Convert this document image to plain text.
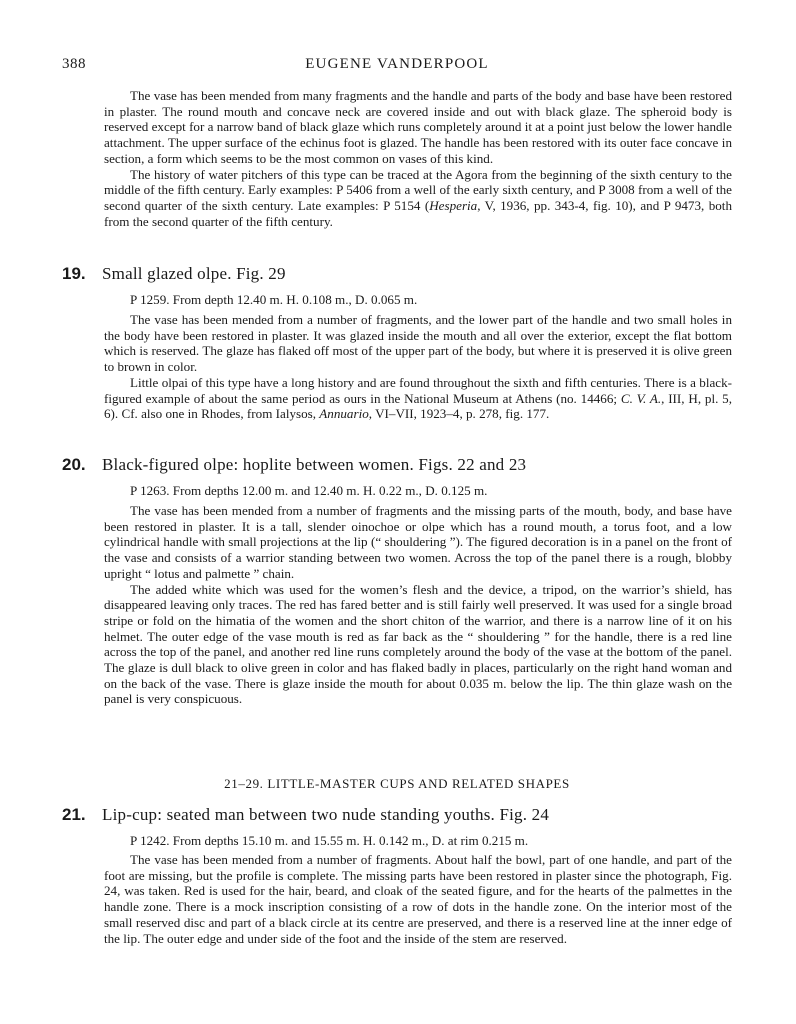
388	EUGENE VANDERPOOL

The vase has been mended from many fragments and the handle and parts of the body and base have been restored in plaster. The round mouth and concave neck are covered inside and out with black glaze. The spheroid body is reserved except for a narrow band of black glaze which runs completely around it at a point just below the lower handle attachment. The upper surface of the echinus foot is glazed. The handle has been restored with its outer face concave in section, a form which seems to be the most common on vases of this kind.

The history of water pitchers of this type can be traced at the Agora from the beginning of the sixth century to the middle of the fifth century. Early examples: P 5406 from a well of the early sixth century, and P 3008 from a well of the second quarter of the sixth century. Late examples: P 5154 (Hesperia, V, 1936, pp. 343-4, fig. 10), and P 9473, both from the second quarter of the fifth century.

19. Small glazed olpe. Fig. 29
P 1259. From depth 12.40 m. H. 0.108 m., D. 0.065 m.

The vase has been mended from a number of fragments, and the lower part of the handle and two small holes in the body have been restored in plaster. It was glazed inside the mouth and all over the exterior, except the flat bottom which is reserved. The glaze has flaked off most of the upper part of the body, but where it is preserved it is olive green to brown in color.

Little olpai of this type have a long history and are found throughout the sixth and fifth centuries. There is a black-figured example of about the same period as ours in the National Museum at Athens (no. 14466; C. V. A., III, H, pl. 5, 6). Cf. also one in Rhodes, from Ialysos, Annuario, VI–VII, 1923–4, p. 278, fig. 177.

20. Black-figured olpe: hoplite between women. Figs. 22 and 23
P 1263. From depths 12.00 m. and 12.40 m. H. 0.22 m., D. 0.125 m.

The vase has been mended from a number of fragments and the missing parts of the mouth, body, and base have been restored in plaster. It is a tall, slender oinochoe or olpe which has a round mouth, a torus foot, and a low cylindrical handle with small projections at the lip (“ shouldering ”). The figured decoration is in a panel on the front of the vase and consists of a warrior standing between two women. Across the top of the panel there is a rough, blobby upright “ lotus and palmette ” chain.

The added white which was used for the women’s flesh and the device, a tripod, on the warrior’s shield, has disappeared leaving only traces. The red has fared better and is still fairly well preserved. It was used for a single broad stripe or fold on the himatia of the women and the short chiton of the warrior, and there is a narrow line of it on his helmet. The outer edge of the vase mouth is red as far back as the “ shouldering ” for the handle, there is a red line across the top of the panel, and another red line runs completely around the body of the vase at the bottom of the panel. The glaze is dull black to olive green in color and has flaked badly in places, particularly on the right hand woman and on the back of the vase. There is glaze inside the mouth for about 0.035 m. below the lip. The thin glaze wash on the panel is very conspicuous.

21–29. LITTLE-MASTER CUPS AND RELATED SHAPES
21. Lip-cup: seated man between two nude standing youths. Fig. 24
P 1242. From depths 15.10 m. and 15.55 m. H. 0.142 m., D. at rim 0.215 m.

The vase has been mended from a number of fragments. About half the bowl, part of one handle, and part of the foot are missing, but the profile is complete. The missing parts have been restored in plaster since the photograph, Fig. 24, was taken. Red is used for the hair, beard, and cloak of the seated figure, and for the hearts of the palmettes in the handle zone. There is a mock inscription consisting of a row of dots in the handle zone. On the interior most of the small reserved disc and part of a black circle at its centre are preserved, and there is a reserved line at the inner edge of the lip. The outer edge and under side of the foot and the inside of the stem are reserved.
